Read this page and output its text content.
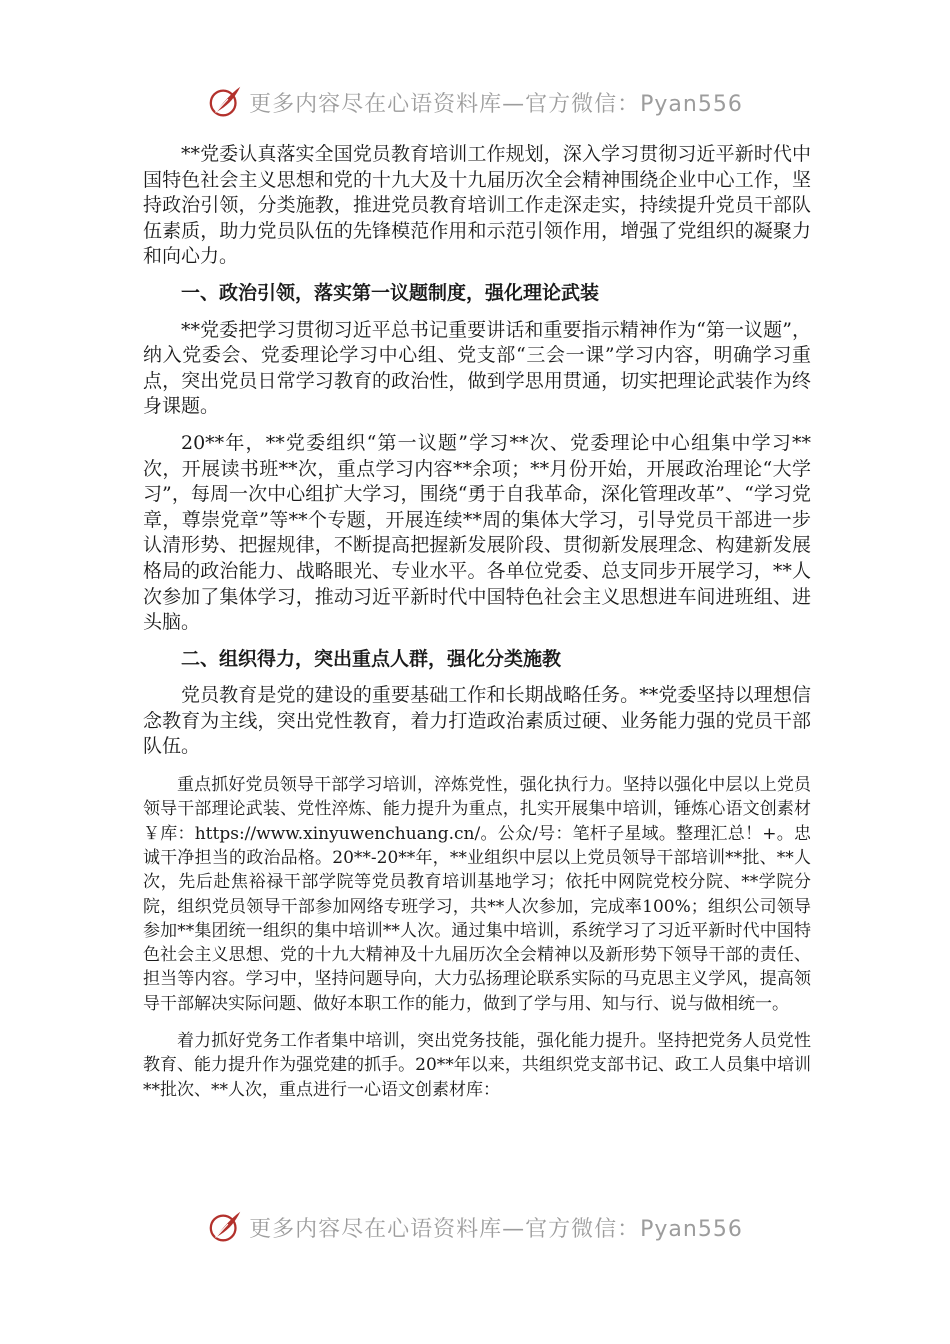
更多内容尽在心语资料库—官方微信：Pyan556

**党委认真落实全国党员教育培训工作规划，深入学习贯彻习近平新时代中国特色社会主义思想和党的十九大及十九届历次全会精神围绕企业中心工作，坚持政治引领，分类施教，推进党员教育培训工作走深走实，持续提升党员干部队伍素质，助力党员队伍的先锋模范作用和示范引领作用，增强了党组织的凝聚力和向心力。

一、政治引领，落实第一议题制度，强化理论武装

**党委把学习贯彻习近平总书记重要讲话和重要指示精神作为“第一议题”，纳入党委会、党委理论学习中心组、党支部“三会一课”学习内容，明确学习重点，突出党员日常学习教育的政治性，做到学思用贯通，切实把理论武装作为终身课题。

20**年，**党委组织“第一议题”学习**次、党委理论中心组集中学习**次，开展读书班**次，重点学习内容**余项；**月份开始，开展政治理论“大学习”，每周一次中心组扩大学习，围绕“勇于自我革命，深化管理改革”、“学习党章，尊崇党章”等**个专题，开展连续**周的集体大学习，引导党员干部进一步认清形势、把握规律，不断提高把握新发展阶段、贯彻新发展理念、构建新发展格局的政治能力、战略眼光、专业水平。各单位党委、总支同步开展学习，**人次参加了集体学习，推动习近平新时代中国特色社会主义思想进车间进班组、进头脑。

二、组织得力，突出重点人群，强化分类施教

党员教育是党的建设的重要基础工作和长期战略任务。**党委坚持以理想信念教育为主线，突出党性教育，着力打造政治素质过硬、业务能力强的党员干部队伍。

重点抓好党员领导干部学习培训，淬炼党性，强化执行力。坚持以强化中层以上党员领导干部理论武装、党性淬炼、能力提升为重点，扎实开展集中培训，锤炼心语文创素材￥库：https://www.xinyuwenchuang.cn/。公众/号：笔杆子星域。整理汇总！+。忠诚干净担当的政治品格。20**-20**年，**业组织中层以上党员领导干部培训**批、**人次，先后赴焦裕禄干部学院等党员教育培训基地学习；依托中网院党校分院、**学院分院，组织党员领导干部参加网络专班学习，共**人次参加，完成率100%；组织公司领导参加**集团统一组织的集中培训**人次。通过集中培训，系统学习了习近平新时代中国特色社会主义思想、党的十九大精神及十九届历次全会精神以及新形势下领导干部的责任、担当等内容。学习中，坚持问题导向，大力弘扬理论联系实际的马克思主义学风，提高领导干部解决实际问题、做好本职工作的能力，做到了学与用、知与行、说与做相统一。

着力抓好党务工作者集中培训，突出党务技能，强化能力提升。坚持把党务人员党性教育、能力提升作为强党建的抓手。20**年以来，共组织党支部书记、政工人员集中培训**批次、**人次，重点进行一心语文创素材库：

更多内容尽在心语资料库—官方微信：Pyan556
